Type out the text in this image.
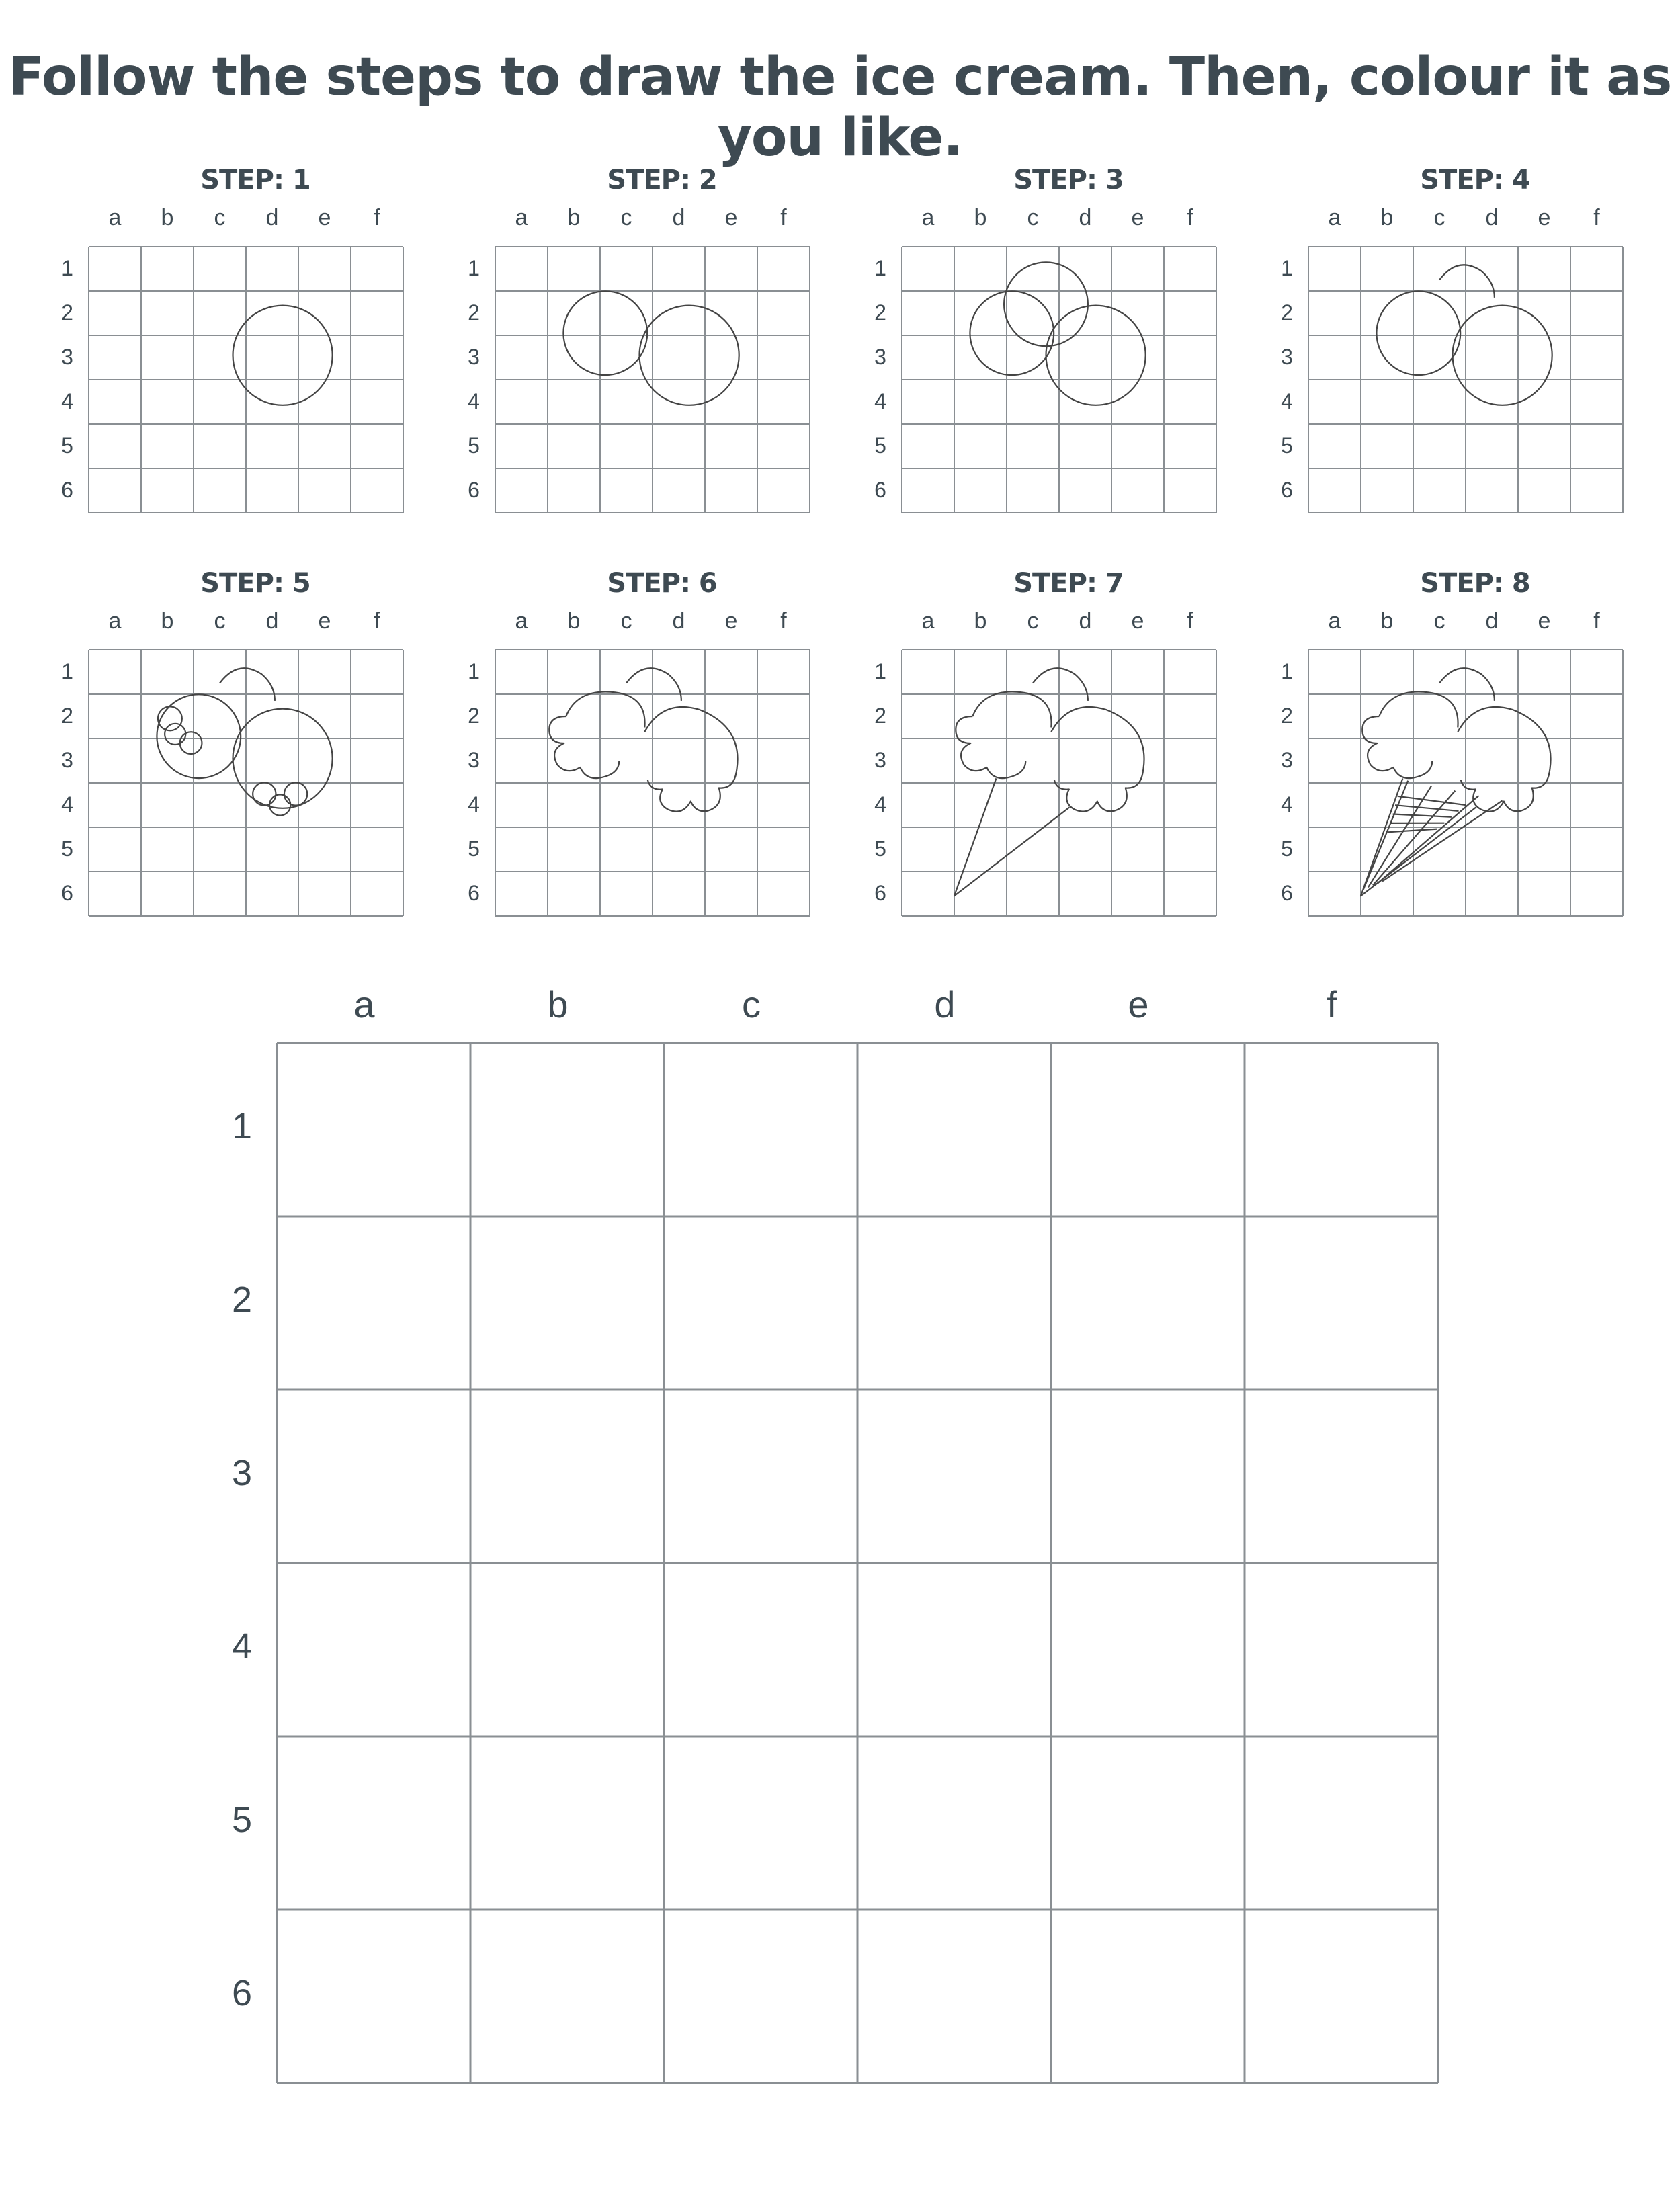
Follow the steps to draw the ice cream. Then, colour it as you like.
STEP: 1
a	b	c	d	e	f
1
2
3
4
5
6
STEP: 2
a	b	c	d	e	f
1
2
3
4
5
6
STEP: 3
a	b	c	d	e	f
1
2
3
4
5
6
STEP: 4
a	b	c	d	e	f
1
2
3
4
5
6
STEP: 5
a	b	c	d	e	f
1
2
3
4
5
6
STEP: 6
a	b	c	d	e	f
1
2
3
4
5
6
STEP: 7
a	b	c	d	e	f
1
2
3
4
5
6
STEP: 8
a	b	c	d	e	f
1
2
3
4
5
6
a	b	c	d	e	f
1
2
3
4
5
6
